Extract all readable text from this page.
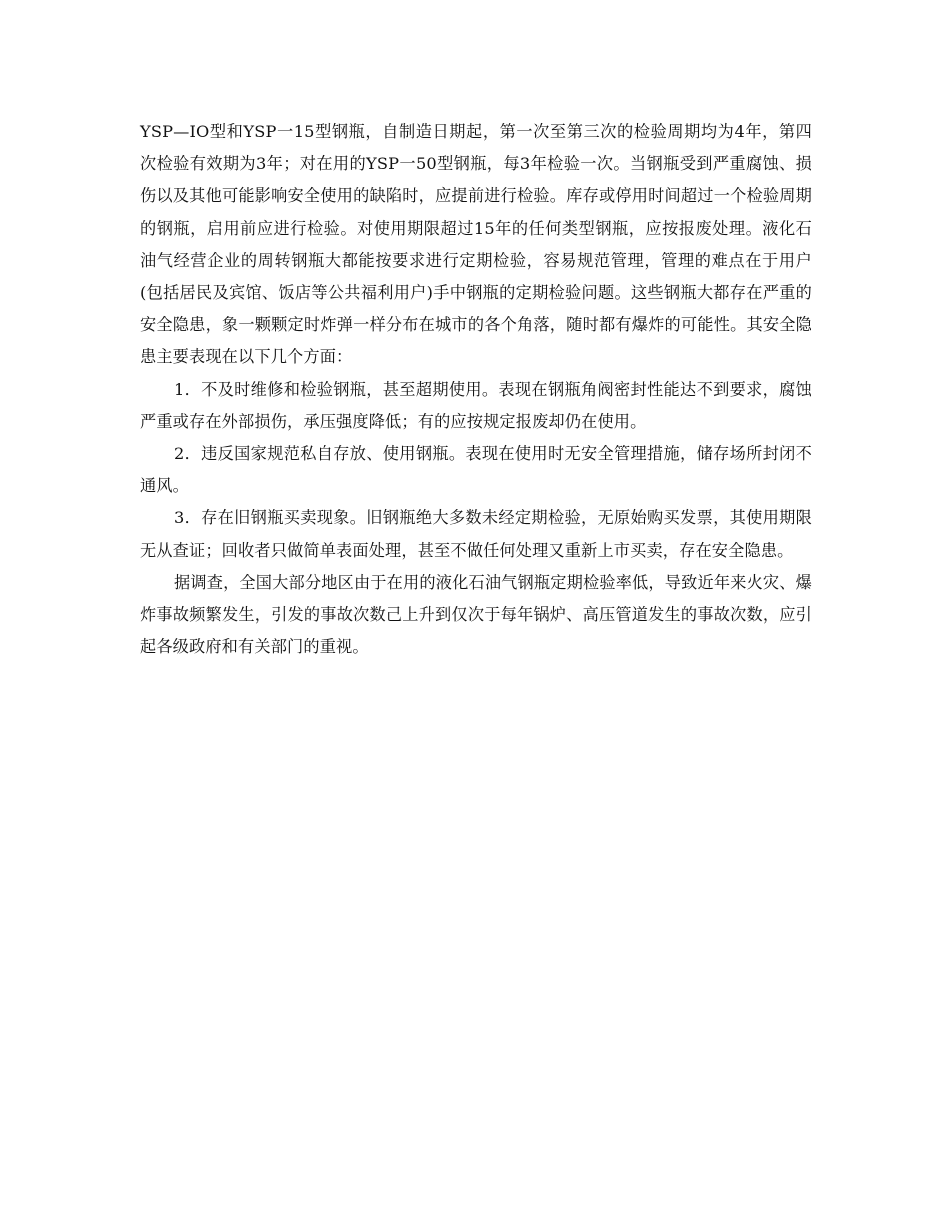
YSP—IO型和YSP一15型钢瓶，自制造日期起，第一次至第三次的检验周期均为4年，第四次检验有效期为3年；对在用的YSP一50型钢瓶，每3年检验一次。当钢瓶受到严重腐蚀、损伤以及其他可能影响安全使用的缺陷时，应提前进行检验。库存或停用时间超过一个检验周期的钢瓶，启用前应进行检验。对使用期限超过15年的任何类型钢瓶，应按报废处理。液化石油气经营企业的周转钢瓶大都能按要求进行定期检验，容易规范管理，管理的难点在于用户(包括居民及宾馆、饭店等公共福利用户)手中钢瓶的定期检验问题。这些钢瓶大都存在严重的安全隐患，象一颗颗定时炸弹一样分布在城市的各个角落，随时都有爆炸的可能性。其安全隐患主要表现在以下几个方面：

1．不及时维修和检验钢瓶，甚至超期使用。表现在钢瓶角阀密封性能达不到要求，腐蚀严重或存在外部损伤，承压强度降低；有的应按规定报废却仍在使用。

2．违反国家规范私自存放、使用钢瓶。表现在使用时无安全管理措施，储存场所封闭不通风。

3．存在旧钢瓶买卖现象。旧钢瓶绝大多数未经定期检验，无原始购买发票，其使用期限无从查证；回收者只做简单表面处理，甚至不做任何处理又重新上市买卖，存在安全隐患。

据调查，全国大部分地区由于在用的液化石油气钢瓶定期检验率低，导致近年来火灾、爆炸事故频繁发生，引发的事故次数己上升到仅次于每年锅炉、高压管道发生的事故次数，应引起各级政府和有关部门的重视。
